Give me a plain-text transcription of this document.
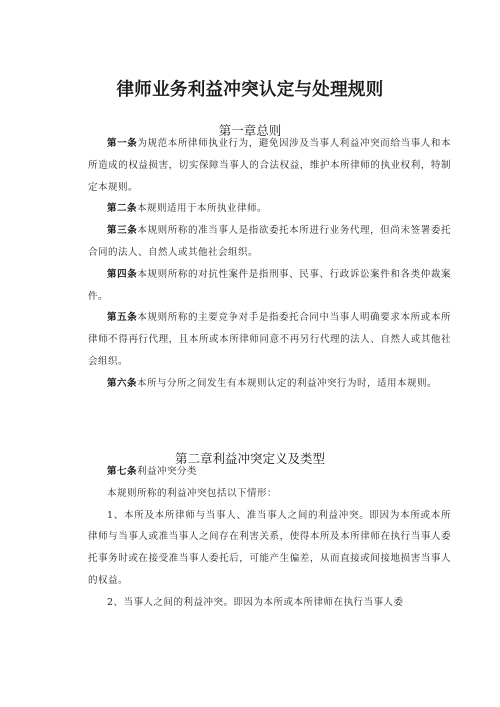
律师业务利益冲突认定与处理规则
第一章总则

第一条为规范本所律师执业行为，避免因涉及当事人利益冲突而给当事人和本所造成的权益损害，切实保障当事人的合法权益，维护本所律师的执业权利，特制定本规则。

第二条本规则适用于本所执业律师。

第三条本规则所称的准当事人是指欲委托本所进行业务代理，但尚未签署委托合同的法人、自然人或其他社会组织。

第四条本规则所称的对抗性案件是指刑事、民事、行政诉讼案件和各类仲裁案件。

第五条本规则所称的主要竞争对手是指委托合同中当事人明确要求本所或本所律师不得再行代理，且本所或本所律师同意不再另行代理的法人、自然人或其他社会组织。

第六条本所与分所之间发生有本规则认定的利益冲突行为时，适用本规则。

第二章利益冲突定义及类型

第七条利益冲突分类

本规则所称的利益冲突包括以下情形：

1、本所及本所律师与当事人、准当事人之间的利益冲突。即因为本所或本所律师与当事人或准当事人之间存在利害关系，使得本所及本所律师在执行当事人委托事务时或在接受准当事人委托后，可能产生偏差，从而直接或间接地损害当事人的权益。

2、当事人之间的利益冲突。即因为本所或本所律师在执行当事人委
